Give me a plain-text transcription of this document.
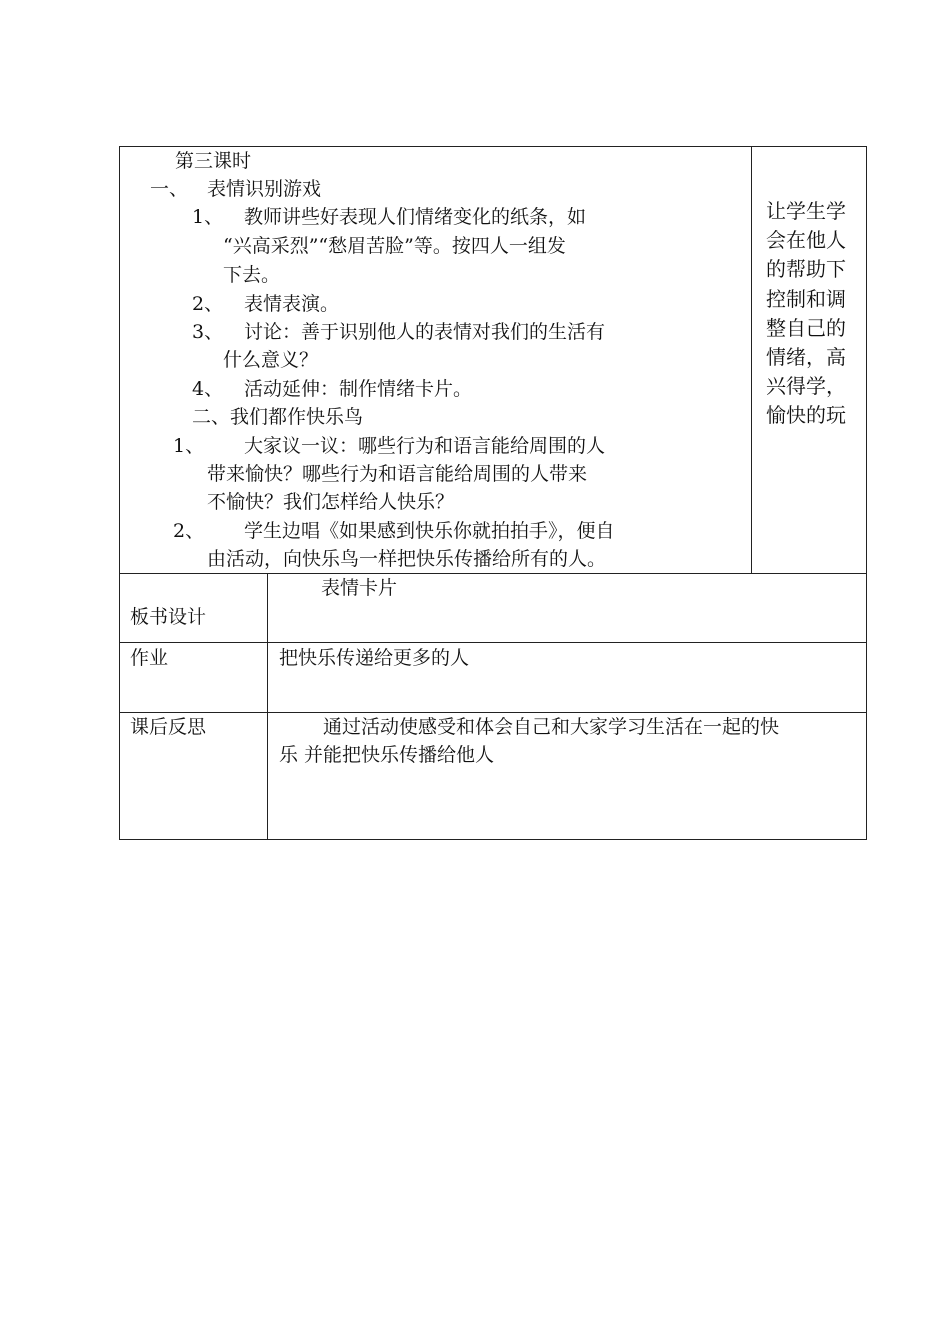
第三课时
一、 表情识别游戏
1、 教师讲些好表现人们情绪变化的纸条，如
“兴高采烈”“愁眉苦脸”等。按四人一组发
下去。
2、 表情表演。
3、 讨论：善于识别他人的表情对我们的生活有
什么意义？
4、 活动延伸：制作情绪卡片。
二、我们都作快乐鸟
1、 大家议一议：哪些行为和语言能给周围的人
带来愉快？哪些行为和语言能给周围的人带来
不愉快？我们怎样给人快乐？
2、 学生边唱《如果感到快乐你就拍拍手》，便自
由活动，向快乐鸟一样把快乐传播给所有的人。
让学生学
会在他人
的帮助下
控制和调
整自己的
情绪，高
兴得学，
愉快的玩
板书设计
表情卡片
作业	把快乐传递给更多的人
课后反思	通过活动使感受和体会自己和大家学习生活在一起的快
乐 并能把快乐传播给他人
